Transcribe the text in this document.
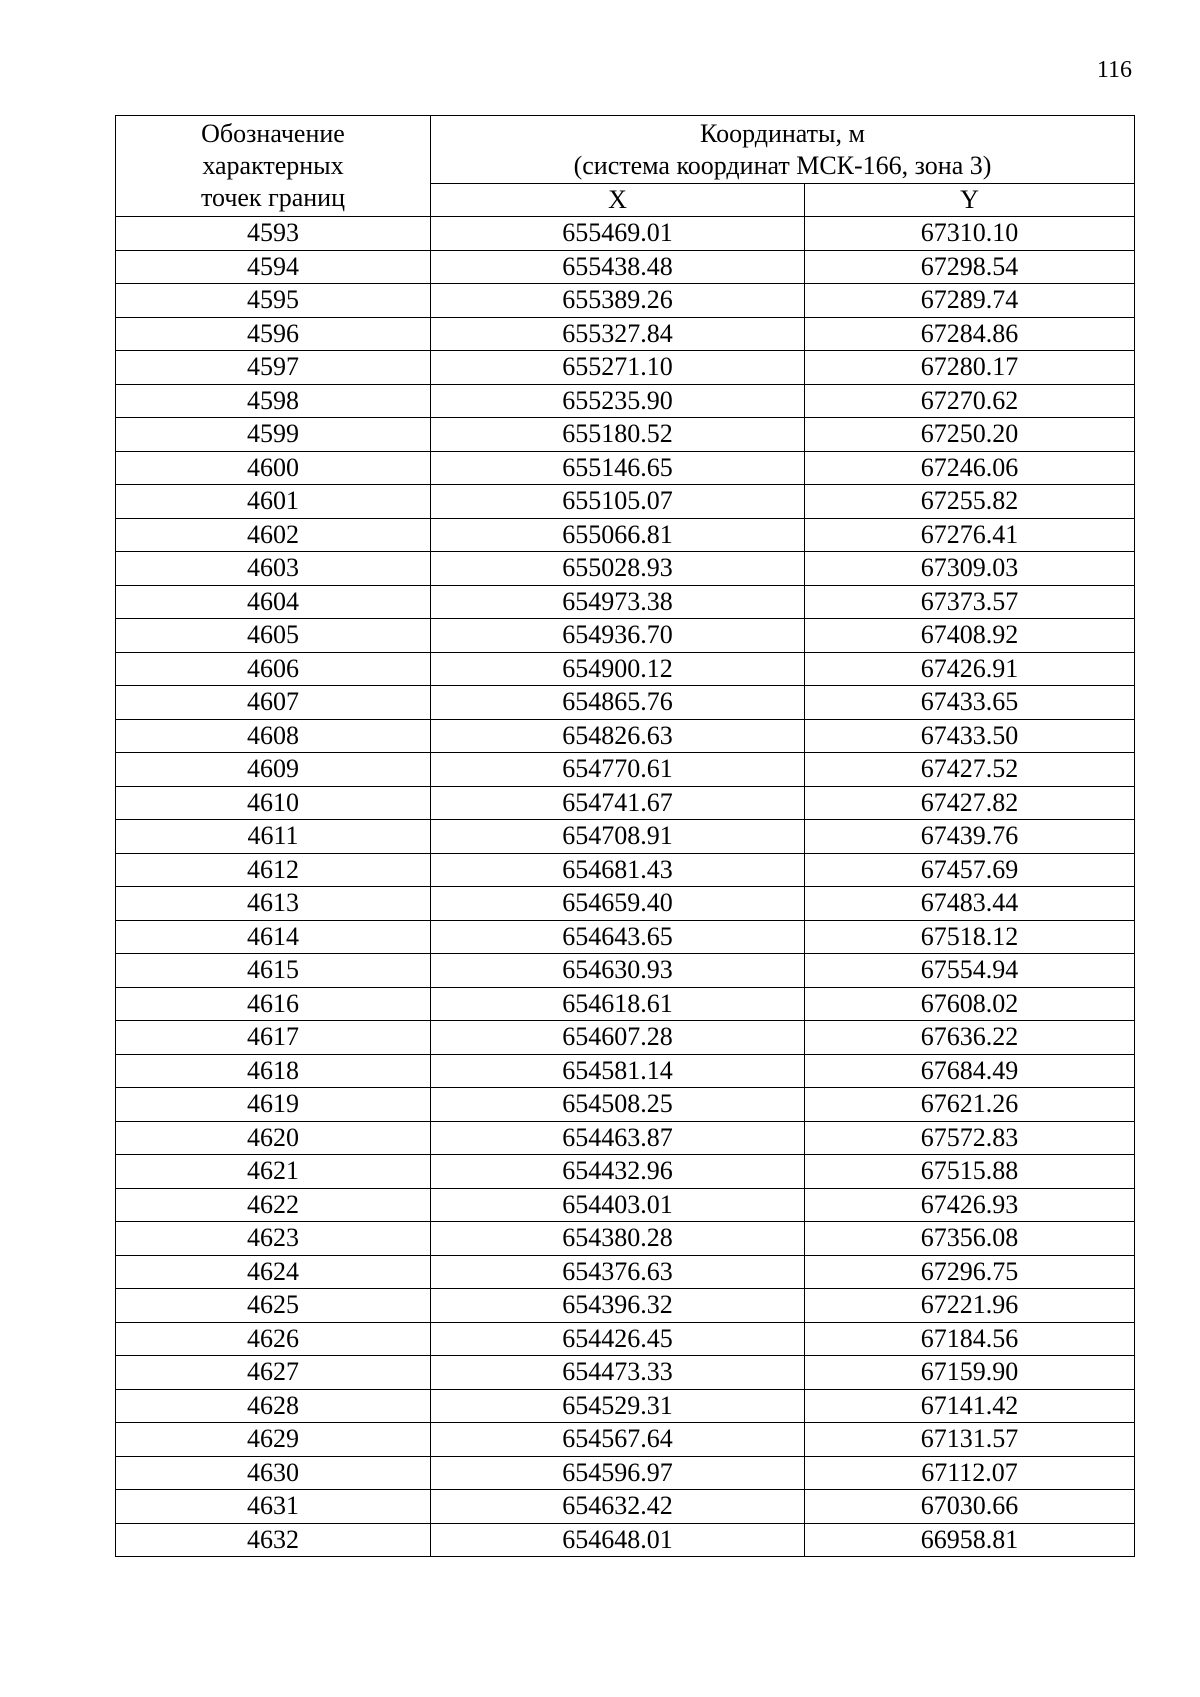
116
Обозначение
характерных
точек границ	Координаты, м
(система координат МСК-166, зона 3)	

	X	Y
4593	655469.01	67310.10
4594	655438.48	67298.54
4595	655389.26	67289.74
4596	655327.84	67284.86
4597	655271.10	67280.17
4598	655235.90	67270.62
4599	655180.52	67250.20
4600	655146.65	67246.06
4601	655105.07	67255.82
4602	655066.81	67276.41
4603	655028.93	67309.03
4604	654973.38	67373.57
4605	654936.70	67408.92
4606	654900.12	67426.91
4607	654865.76	67433.65
4608	654826.63	67433.50
4609	654770.61	67427.52
4610	654741.67	67427.82
4611	654708.91	67439.76
4612	654681.43	67457.69
4613	654659.40	67483.44
4614	654643.65	67518.12
4615	654630.93	67554.94
4616	654618.61	67608.02
4617	654607.28	67636.22
4618	654581.14	67684.49
4619	654508.25	67621.26
4620	654463.87	67572.83
4621	654432.96	67515.88
4622	654403.01	67426.93
4623	654380.28	67356.08
4624	654376.63	67296.75
4625	654396.32	67221.96
4626	654426.45	67184.56
4627	654473.33	67159.90
4628	654529.31	67141.42
4629	654567.64	67131.57
4630	654596.97	67112.07
4631	654632.42	67030.66
4632	654648.01	66958.81
